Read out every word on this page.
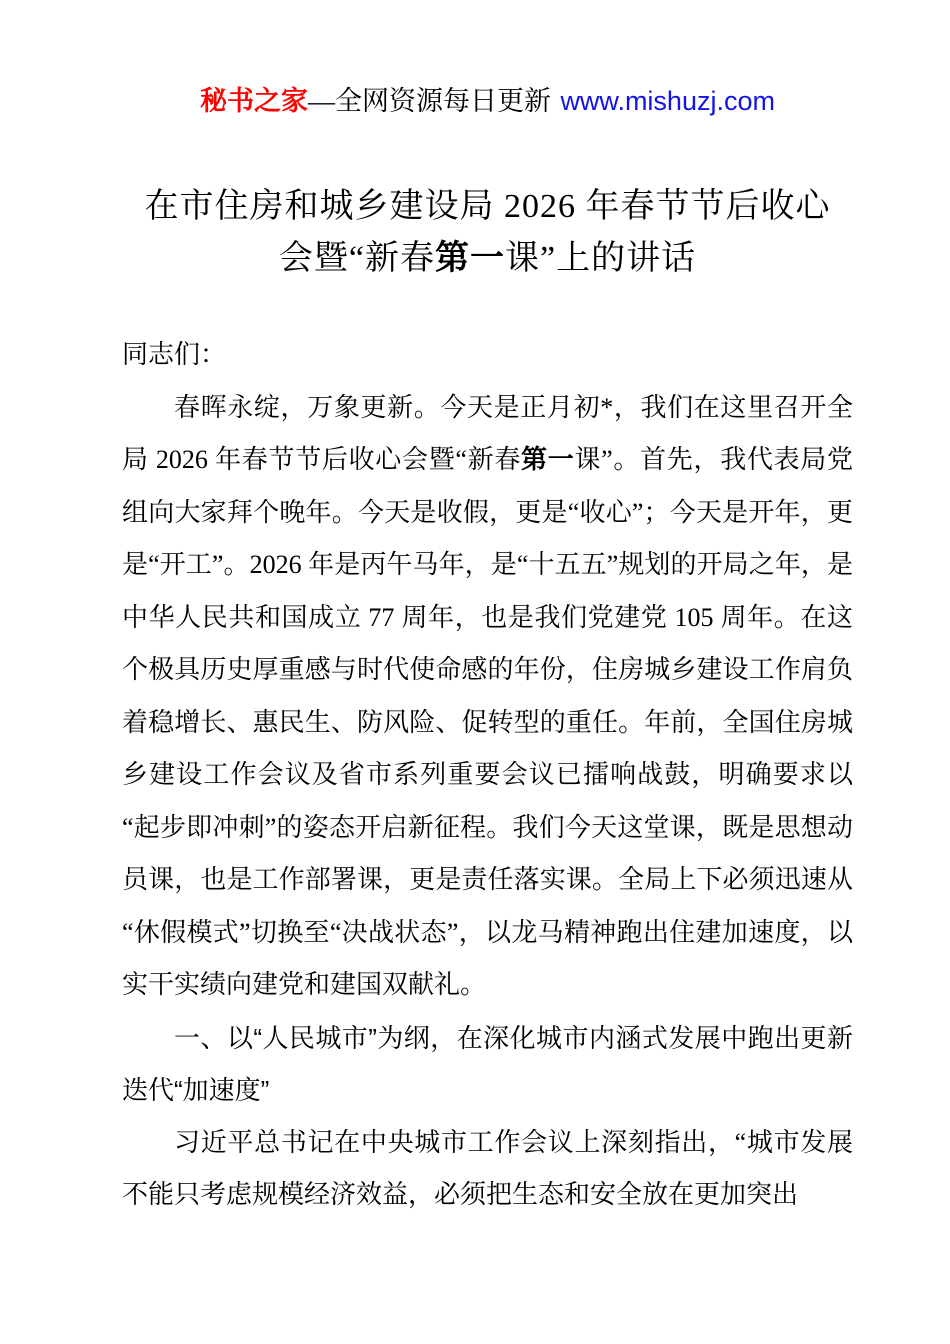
秘书之家—全网资源每日更新 www.mishuzj.com
在市住房和城乡建设局 2026 年春节节后收心
会暨“新春第一课”上的讲话

同志们：

春晖永绽，万象更新。今天是正月初*，我们在这里召开全局 2026 年春节节后收心会暨“新春第一课”。首先，我代表局党组向大家拜个晚年。今天是收假，更是“收心”；今天是开年，更是“开工”。2026 年是丙午马年，是“十五五”规划的开局之年，是中华人民共和国成立 77 周年，也是我们党建党 105 周年。在这个极具历史厚重感与时代使命感的年份，住房城乡建设工作肩负着稳增长、惠民生、防风险、促转型的重任。年前，全国住房城乡建设工作会议及省市系列重要会议已擂响战鼓，明确要求以“起步即冲刺”的姿态开启新征程。我们今天这堂课，既是思想动员课，也是工作部署课，更是责任落实课。全局上下必须迅速从“休假模式”切换至“决战状态”，以龙马精神跑出住建加速度，以实干实绩向建党和建国双献礼。

一、以“人民城市”为纲，在深化城市内涵式发展中跑出更新迭代“加速度”

习近平总书记在中央城市工作会议上深刻指出，“城市发展不能只考虑规模经济效益，必须把生态和安全放在更加突出
